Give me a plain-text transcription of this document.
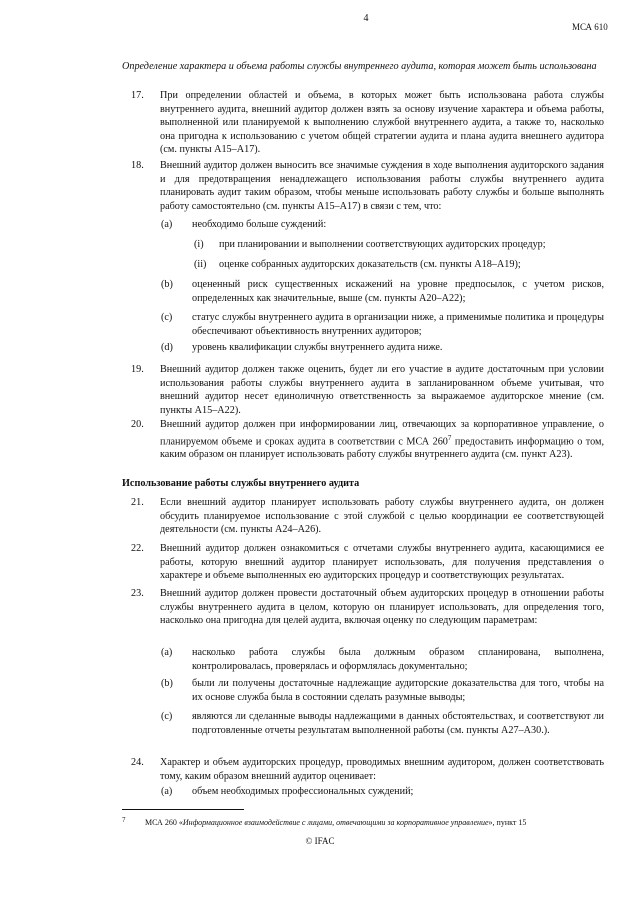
4
МСА 610
Определение характера и объема работы службы внутреннего аудита, которая может быть использована
17. При определении областей и объема, в которых может быть использована работа службы внутреннего аудита, внешний аудитор должен взять за основу изучение характера и объема работы, выполненной или планируемой к выполнению службой внутреннего аудита, а также то, насколько она пригодна к использованию с учетом общей стратегии аудита и плана аудита внешнего аудитора (см. пункты А15–А17).
18. Внешний аудитор должен выносить все значимые суждения в ходе выполнения аудиторского задания и для предотвращения ненадлежащего использования работы службы внутреннего аудита планировать аудит таким образом, чтобы меньше использовать работу службы и больше выполнять работу самостоятельно (см. пункты А15–А17) в связи с тем, что:
(a) необходимо больше суждений:
(i) при планировании и выполнении соответствующих аудиторских процедур;
(ii) оценке собранных аудиторских доказательств (см. пункты А18–А19);
(b) оцененный риск существенных искажений на уровне предпосылок, с учетом рисков, определенных как значительные, выше (см. пункты А20–А22);
(c) статус службы внутреннего аудита в организации ниже, а применимые политика и процедуры обеспечивают объективность внутренних аудиторов;
(d) уровень квалификации службы внутреннего аудита ниже.
19. Внешний аудитор должен также оценить, будет ли его участие в аудите достаточным при условии использования работы службы внутреннего аудита в запланированном объеме учитывая, что внешний аудитор несет единоличную ответственность за выражаемое аудиторское мнение (см. пункты А15–А22).
20. Внешний аудитор должен при информировании лиц, отвечающих за корпоративное управление, о планируемом объеме и сроках аудита в соответствии с МСА $260^7$ предоставить информацию о том, каким образом он планирует использовать работу службы внутреннего аудита (см. пункт А23).
Использование работы службы внутреннего аудита
21. Если внешний аудитор планирует использовать работу службы внутреннего аудита, он должен обсудить планируемое использование с этой службой с целью координации ее соответствующей деятельности (см. пункты А24–А26).
22. Внешний аудитор должен ознакомиться с отчетами службы внутреннего аудита, касающимися ее работы, которую внешний аудитор планирует использовать, для получения представления о характере и объеме выполненных ею аудиторских процедур и соответствующих результатах.
23. Внешний аудитор должен провести достаточный объем аудиторских процедур в отношении работы службы внутреннего аудита в целом, которую он планирует использовать, для определения того, насколько она пригодна для целей аудита, включая оценку по следующим параметрам:
(a) насколько работа службы была должным образом спланирована, выполнена, контролировалась, проверялась и оформлялась документально;
(b) были ли получены достаточные надлежащие аудиторские доказательства для того, чтобы на их основе служба была в состоянии сделать разумные выводы;
(c) являются ли сделанные выводы надлежащими в данных обстоятельствах, и соответствуют ли подготовленные отчеты результатам выполненной работы (см. пункты А27–А30.).
24. Характер и объем аудиторских процедур, проводимых внешним аудитором, должен соответствовать тому, каким образом внешний аудитор оценивает:
(a) объем необходимых профессиональных суждений;
7 МСА 260 «Информационное взаимодействие с лицами, отвечающими за корпоративное управление», пункт 15
© IFAC
